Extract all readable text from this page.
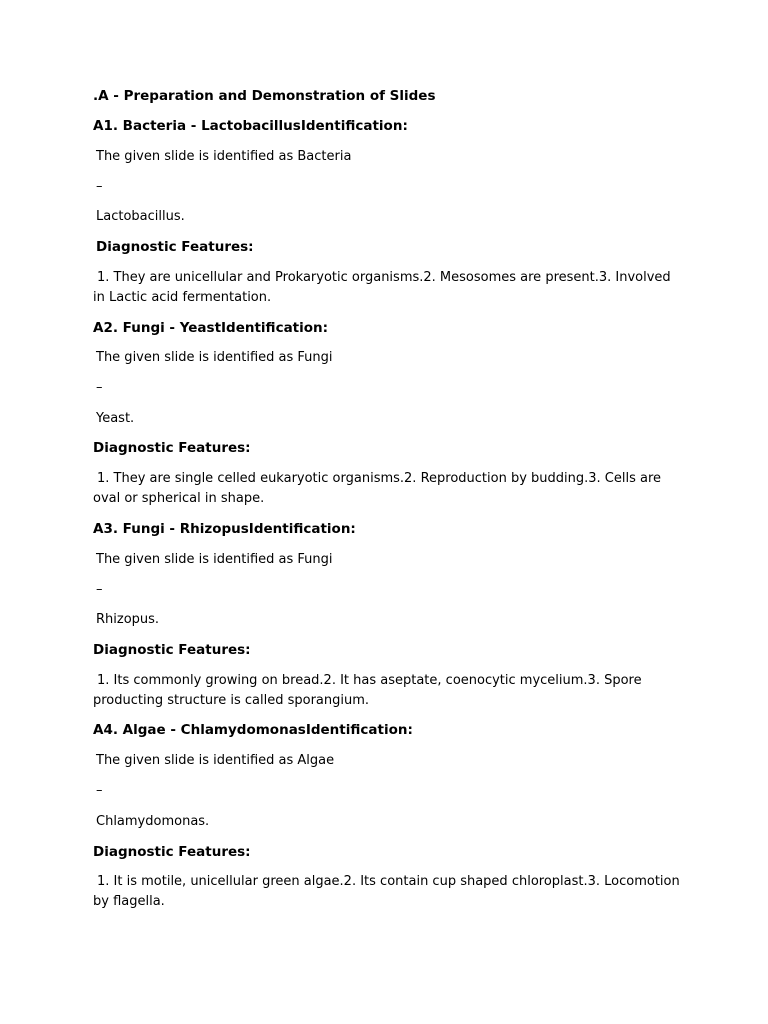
.A - Preparation and Demonstration of Slides
A1. Bacteria - LactobacillusIdentification:
The given slide is identified as Bacteria
–
Lactobacillus.
Diagnostic Features:
1. They are unicellular and Prokaryotic organisms.2. Mesosomes are present.3. Involved in Lactic acid fermentation.
A2. Fungi - YeastIdentification:
The given slide is identified as Fungi
–
Yeast.
Diagnostic Features:
1. They are single celled eukaryotic organisms.2. Reproduction by budding.3. Cells are oval or spherical in shape.
A3. Fungi - RhizopusIdentification:
The given slide is identified as Fungi
–
Rhizopus.
Diagnostic Features:
1. Its commonly growing on bread.2. It has aseptate, coenocytic mycelium.3. Spore producting structure is called sporangium.
A4. Algae - ChlamydomonasIdentification:
The given slide is identified as Algae
–
Chlamydomonas.
Diagnostic Features:
1. It is motile, unicellular green algae.2. Its contain cup shaped chloroplast.3. Locomotion by flagella.
